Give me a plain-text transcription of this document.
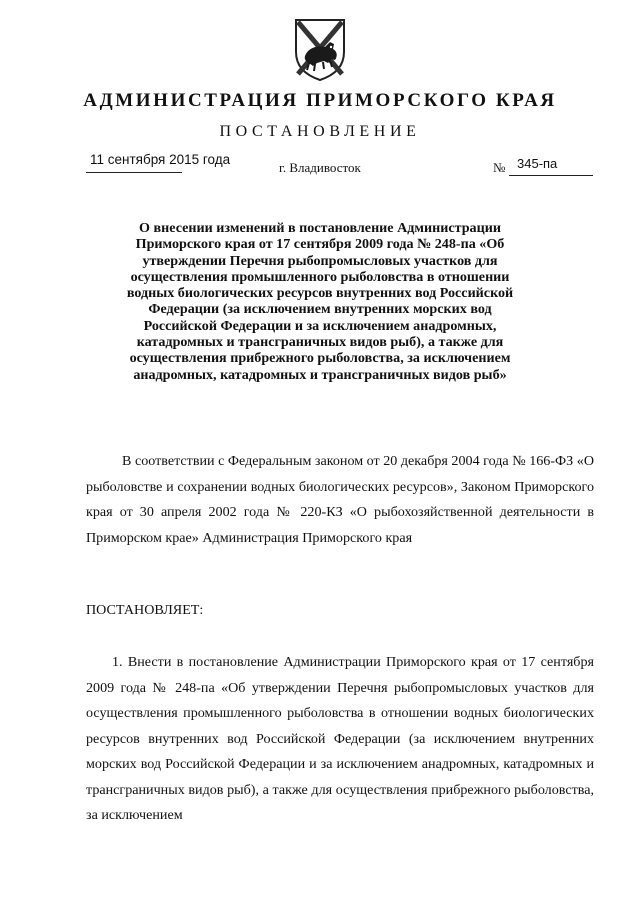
АДМИНИСТРАЦИЯ ПРИМОРСКОГО КРАЯ

ПОСТАНОВЛЕНИЕ

11 сентября 2015 года
г. Владивосток	№ 345-па

О внесении изменений в постановление Администрации Приморского края от 17 сентября 2009 года № 248-па «Об утверждении Перечня рыбопромысловых участков для осуществления промышленного рыболовства в отношении водных биологических ресурсов внутренних вод Российской Федерации (за исключением внутренних морских вод Российской Федерации и за исключением анадромных, катадромных и трансграничных видов рыб), а также для осуществления прибрежного рыболовства, за исключением анадромных, катадромных и трансграничных видов рыб»

В соответствии с Федеральным законом от 20 декабря 2004 года № 166-ФЗ «О рыболовстве и сохранении водных биологических ресурсов», Законом Приморского края от 30 апреля 2002 года № 220-КЗ «О рыбохозяйственной деятельности в Приморском крае» Администрация Приморского края

ПОСТАНОВЛЯЕТ:

1. Внести в постановление Администрации Приморского края от 17 сентября 2009 года № 248-па «Об утверждении Перечня рыбопромысловых участков для осуществления промышленного рыболовства в отношении водных биологических ресурсов внутренних вод Российской Федерации (за исключением внутренних морских вод Российской Федерации и за исключением анадромных, катадромных и трансграничных видов рыб), а также для осуществления прибрежного рыболовства, за исключением
